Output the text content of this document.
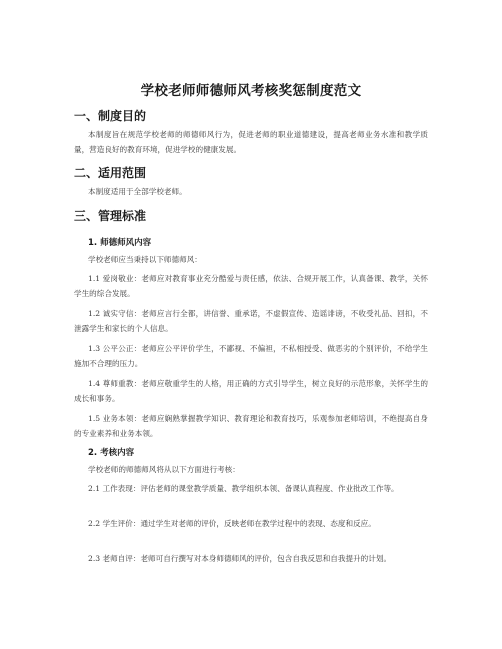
学校老师师德师风考核奖惩制度范文
一、制度目的
本制度旨在规范学校老师的师德师风行为，促进老师的职业道德建设，提高老师业务水准和教学质量，营造良好的教育环境，促进学校的健康发展。
二、适用范围
本制度适用于全部学校老师。
三、管理标准
1. 师德师风内容
学校老师应当秉持以下师德师风：
1.1 爱岗敬业：老师应对教育事业充分酷爱与责任感，依法、合规开展工作，认真备课、教学，关怀学生的综合发展。
1.2 诚实守信：老师应言行全都，讲信誉、重承诺，不虚假宣传、造谣诽谤，不收受礼品、回扣，不泄露学生和家长的个人信息。
1.3 公平公正：老师应公平评价学生，不鄙视、不偏袒，不私相授受、做恶劣的个别评价，不给学生施加不合理的压力。
1.4 尊师重教：老师应敬重学生的人格，用正确的方式引导学生，树立良好的示范形象，关怀学生的成长和事务。
1.5 业务本领：老师应娴熟掌握教学知识、教育理论和教育技巧，乐观参加老师培训，不绝提高自身的专业素养和业务本领。
2. 考核内容
学校老师的师德师风将从以下方面进行考核：
2.1 工作表现：评估老师的课堂教学质量、教学组织本领、备课认真程度、作业批改工作等。
2.2 学生评价：通过学生对老师的评价，反映老师在教学过程中的表现、态度和反应。
2.3 老师自评：老师可自行撰写对本身师德师风的评价，包含自我反思和自我提升的计划。
